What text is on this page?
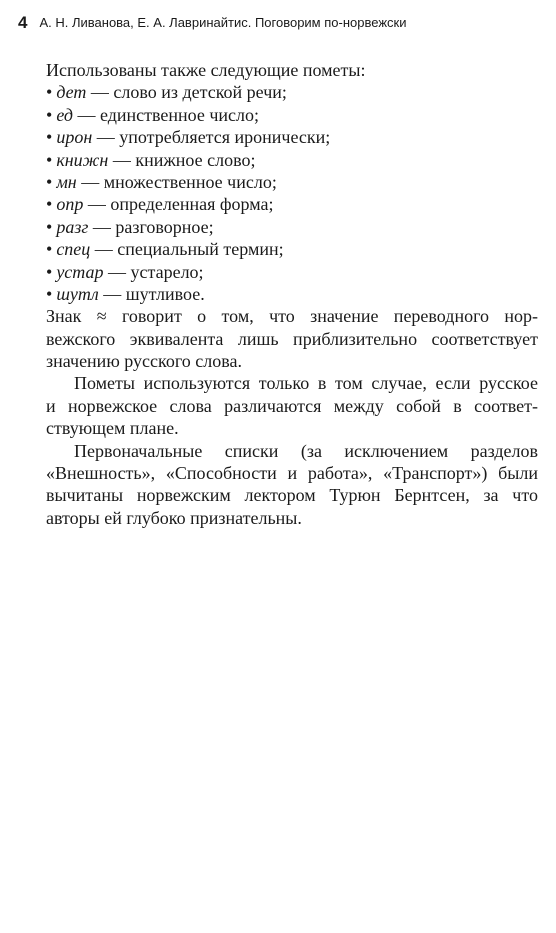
4 А. Н. Ливанова, Е. А. Лавринайтис. Поговорим по-норвежски
Использованы также следующие пометы:
• дет — слово из детской речи;
• ед — единственное число;
• ирон — употребляется иронически;
• книжн — книжное слово;
• мн — множественное число;
• опр — определенная форма;
• разг — разговорное;
• спец — специальный термин;
• устар — устарело;
• шутл — шутливое.
Знак ≈ говорит о том, что значение переводного нор-
вежского эквивалента лишь приблизительно соответствует
значению русского слова.
Пометы используются только в том случае, если русское
и норвежское слова различаются между собой в соответ-
ствующем плане.
Первоначальные списки (за исключением разделов
«Внешность», «Способности и работа», «Транспорт») были
вычитаны норвежским лектором Турюн Бернтсен, за что
авторы ей глубоко признательны.
